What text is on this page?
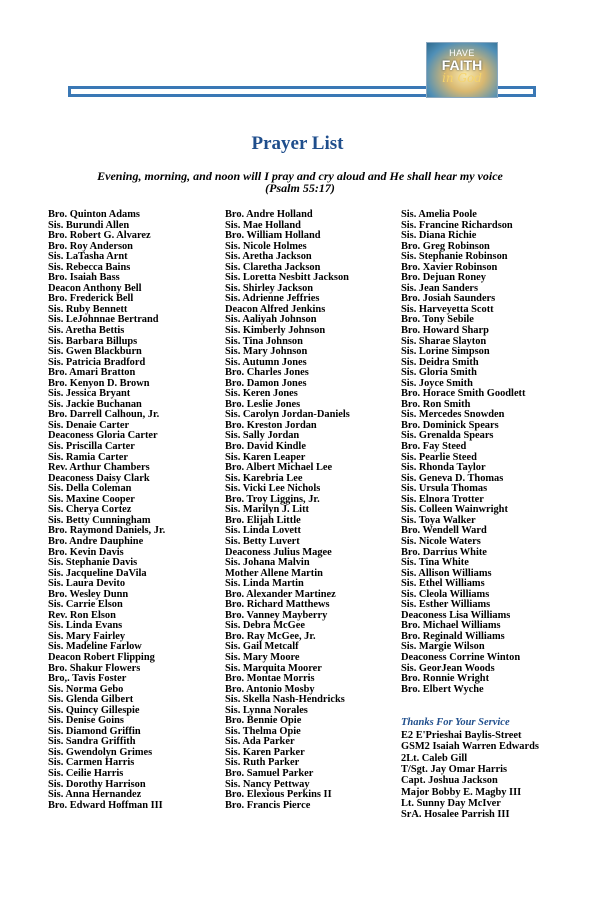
HAVE
FAITH
in God
Prayer List

Evening, morning, and noon will I pray and cry aloud and He shall hear my voice
(Psalm 55:17)

Bro. Quinton Adams
Sis. Burundi Allen
Bro. Robert G. Alvarez
Bro. Roy Anderson
Sis. LaTasha Arnt
Sis. Rebecca Bains
Bro. Isaiah Bass
Deacon Anthony Bell
Bro. Frederick Bell
Sis. Ruby Bennett
Sis. LeJohnnae Bertrand
Sis. Aretha Bettis
Sis. Barbara Billups
Sis. Gwen Blackburn
Sis. Patricia Bradford
Bro. Amari Bratton
Bro. Kenyon D. Brown
Sis. Jessica Bryant
Sis. Jackie Buchanan
Bro. Darrell Calhoun, Jr.
Sis. Denaie Carter
Deaconess Gloria Carter
Sis. Priscilla Carter
Sis. Ramia Carter
Rev. Arthur Chambers
Deaconess Daisy Clark
Sis. Della Coleman
Sis. Maxine Cooper
Sis. Cherya Cortez
Sis. Betty Cunningham
Bro. Raymond Daniels, Jr.
Bro. Andre Dauphine
Bro. Kevin Davis
Sis. Stephanie Davis
Sis. Jacqueline DaVila
Sis. Laura Devito
Bro. Wesley Dunn
Sis. Carrie Elson
Rev. Ron Elson
Sis. Linda Evans
Sis. Mary Fairley
Sis. Madeline Farlow
Deacon Robert Flipping
Bro. Shakur Flowers
Bro,. Tavis Foster
Sis. Norma Gebo
Sis. Glenda Gilbert
Sis. Quincy Gillespie
Sis. Denise Goins
Sis. Diamond Griffin
Sis. Sandra Griffith
Sis. Gwendolyn Grimes
Sis. Carmen Harris
Sis. Ceilie Harris
Sis. Dorothy Harrison
Sis. Anna Hernandez
Bro. Edward Hoffman III
Bro. Andre Holland
Sis. Mae Holland
Bro. William Holland
Sis. Nicole Holmes
Sis. Aretha Jackson
Sis. Claretha Jackson
Sis. Loretta Nesbitt Jackson
Sis. Shirley Jackson
Sis. Adrienne Jeffries
Deacon Alfred Jenkins
Sis. Aaliyah Johnson
Sis. Kimberly Johnson
Sis. Tina Johnson
Sis. Mary Johnson
Sis. Autumn Jones
Bro. Charles Jones
Bro. Damon Jones
Sis. Keren Jones
Bro. Leslie Jones
Sis. Carolyn Jordan-Daniels
Bro. Kreston Jordan
Sis. Sally Jordan
Bro. David Kindle
Sis. Karen Leaper
Bro. Albert Michael Lee
Sis. Karebria Lee
Sis. Vicki Lee Nichols
Bro. Troy Liggins, Jr.
Sis. Marilyn J. Litt
Bro. Elijah Little
Sis. Linda Lovett
Sis. Betty Luvert
Deaconess Julius Magee
Sis. Johana Malvin
Mother Allene Martin
Sis. Linda Martin
Bro. Alexander Martinez
Bro. Richard Matthews
Bro. Vanney Mayberry
Sis. Debra McGee
Bro. Ray McGee, Jr.
Sis. Gail Metcalf
Sis. Mary Moore
Sis. Marquita Moorer
Bro. Montae Morris
Bro. Antonio Mosby
Sis. Skella Nash-Hendricks
Sis. Lynna Norales
Bro. Bennie Opie
Sis. Thelma Opie
Sis. Ada Parker
Sis. Karen Parker
Sis. Ruth Parker
Bro. Samuel Parker
Sis. Nancy Pettway
Bro. Elexious Perkins II
Bro. Francis Pierce
Sis. Amelia Poole
Sis. Francine Richardson
Sis. Diana Richie
Bro. Greg Robinson
Sis. Stephanie Robinson
Bro. Xavier Robinson
Bro. Dejuan Roney
Sis. Jean Sanders
Bro. Josiah Saunders
Sis. Harveyetta Scott
Bro. Tony Sebile
Bro. Howard Sharp
Sis. Sharae Slayton
Sis. Lorine Simpson
Sis. Deidra Smith
Sis. Gloria Smith
Sis. Joyce Smith
Bro. Horace Smith Goodlett
Bro. Ron Smith
Sis. Mercedes Snowden
Bro. Dominick Spears
Sis. Grenalda Spears
Bro. Fay Steed
Sis. Pearlie Steed
Sis. Rhonda Taylor
Sis. Geneva D. Thomas
Sis. Ursula Thomas
Sis. Elnora Trotter
Sis. Colleen Wainwright
Sis. Toya Walker
Bro. Wendell Ward
Sis. Nicole Waters
Bro. Darrius White
Sis. Tina White
Sis. Allison Williams
Sis. Ethel Williams
Sis. Cleola Williams
Sis. Esther Williams
Deaconess Lisa Williams
Bro. Michael Williams
Bro. Reginald Williams
Sis. Margie Wilson
Deaconess Corrine Winton
Sis. GeorJean Woods
Bro. Ronnie Wright
Bro. Elbert Wyche
Thanks For Your Service
E2 E'Prieshai Baylis-Street
GSM2 Isaiah Warren Edwards
2Lt. Caleb Gill
T/Sgt. Jay Omar Harris
Capt. Joshua Jackson
Major Bobby E. Magby III
Lt. Sunny Day McIver
SrA. Hosalee Parrish III
